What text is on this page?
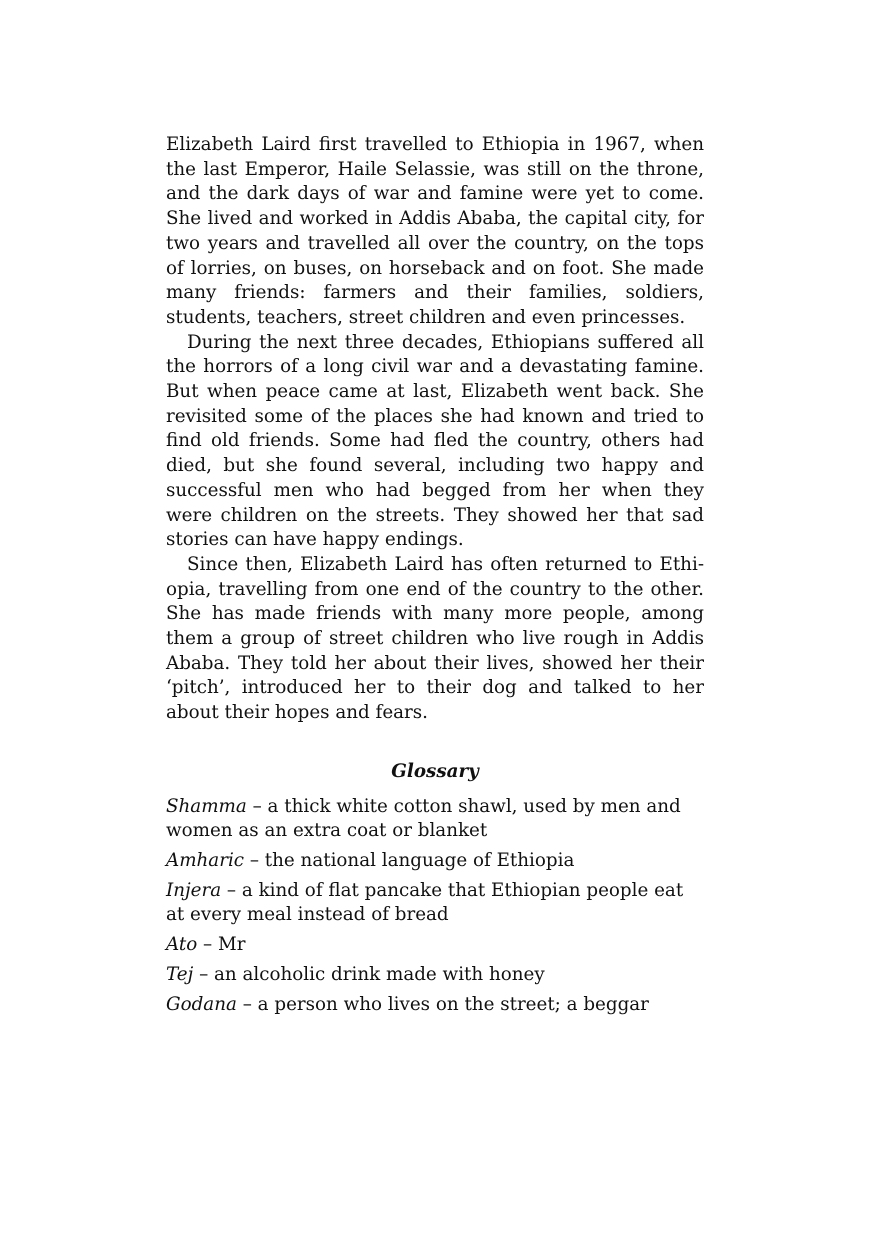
Elizabeth Laird first travelled to Ethiopia in 1967, when the last Emperor, Haile Selassie, was still on the throne, and the dark days of war and famine were yet to come. She lived and worked in Addis Ababa, the capital city, for two years and travelled all over the country, on the tops of lorries, on buses, on horseback and on foot. She made many friends: farmers and their families, soldiers, students, teachers, street children and even princesses.

During the next three decades, Ethiopians suffered all the horrors of a long civil war and a devastating famine. But when peace came at last, Elizabeth went back. She revisited some of the places she had known and tried to find old friends. Some had fled the country, others had died, but she found several, including two happy and successful men who had begged from her when they were children on the streets. They showed her that sad stories can have happy endings.

Since then, Elizabeth Laird has often returned to Ethiopia, travelling from one end of the country to the other. She has made friends with many more people, among them a group of street children who live rough in Addis Ababa. They told her about their lives, showed her their ‘pitch’, introduced her to their dog and talked to her about their hopes and fears.

Glossary
Shamma – a thick white cotton shawl, used by men and women as an extra coat or blanket
Amharic – the national language of Ethiopia
Injera – a kind of flat pancake that Ethiopian people eat at every meal instead of bread
Ato – Mr
Tej – an alcoholic drink made with honey
Godana – a person who lives on the street; a beggar
